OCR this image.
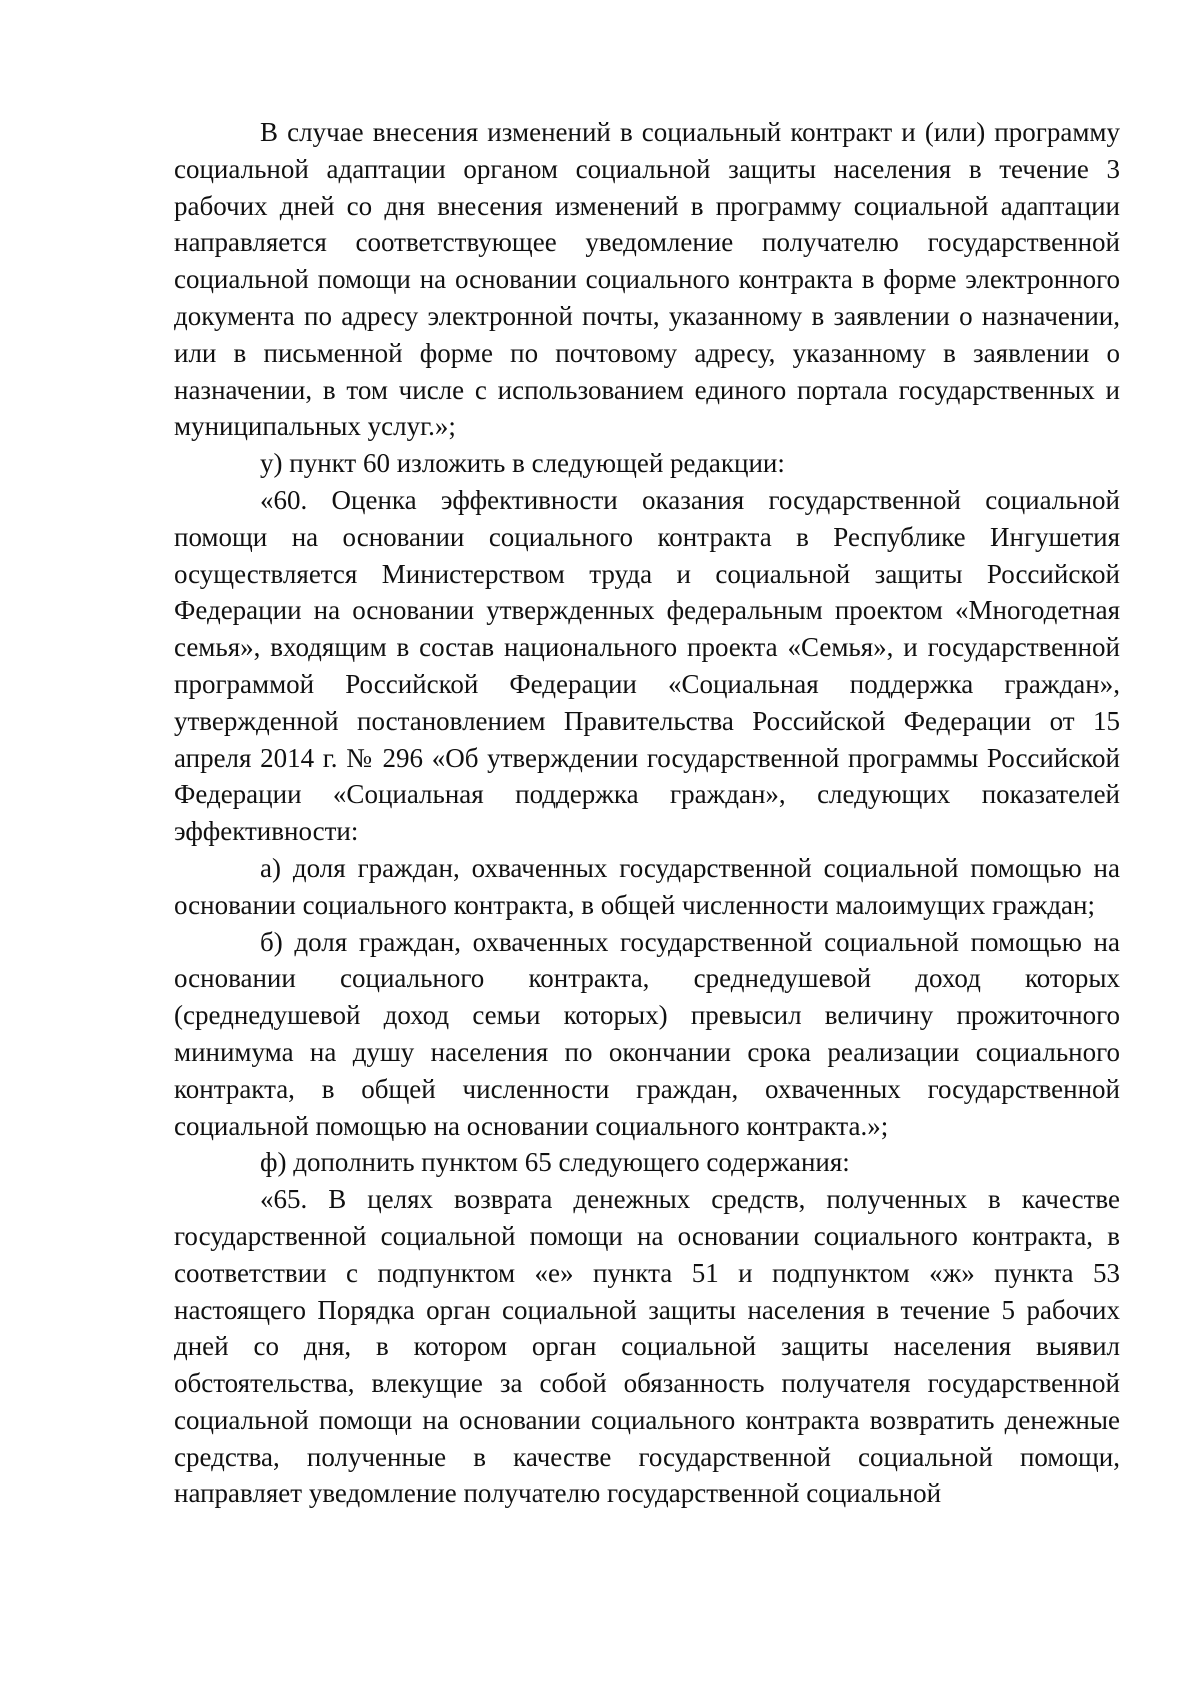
В случае внесения изменений в социальный контракт и (или) программу социальной адаптации органом социальной защиты населения в течение 3 рабочих дней со дня внесения изменений в программу социальной адаптации направляется соответствующее уведомление получателю государственной социальной помощи на основании социального контракта в форме электронного документа по адресу электронной почты, указанному в заявлении о назначении, или в письменной форме по почтовому адресу, указанному в заявлении о назначении, в том числе с использованием единого портала государственных и муниципальных услуг.»;

у) пункт 60 изложить в следующей редакции:

«60. Оценка эффективности оказания государственной социальной помощи на основании социального контракта в Республике Ингушетия осуществляется Министерством труда и социальной защиты Российской Федерации на основании утвержденных федеральным проектом «Многодетная семья», входящим в состав национального проекта «Семья», и государственной программой Российской Федерации «Социальная поддержка граждан», утвержденной постановлением Правительства Российской Федерации от 15 апреля 2014 г. № 296 «Об утверждении государственной программы Российской Федерации «Социальная поддержка граждан», следующих показателей эффективности:

а) доля граждан, охваченных государственной социальной помощью на основании социального контракта, в общей численности малоимущих граждан;

б) доля граждан, охваченных государственной социальной помощью на основании социального контракта, среднедушевой доход которых (среднедушевой доход семьи которых) превысил величину прожиточного минимума на душу населения по окончании срока реализации социального контракта, в общей численности граждан, охваченных государственной социальной помощью на основании социального контракта.»;

ф) дополнить пунктом 65 следующего содержания:

«65. В целях возврата денежных средств, полученных в качестве государственной социальной помощи на основании социального контракта, в соответствии с подпунктом «е» пункта 51 и подпунктом «ж» пункта 53 настоящего Порядка орган социальной защиты населения в течение 5 рабочих дней со дня, в котором орган социальной защиты населения выявил обстоятельства, влекущие за собой обязанность получателя государственной социальной помощи на основании социального контракта возвратить денежные средства, полученные в качестве государственной социальной помощи, направляет уведомление получателю государственной социальной
